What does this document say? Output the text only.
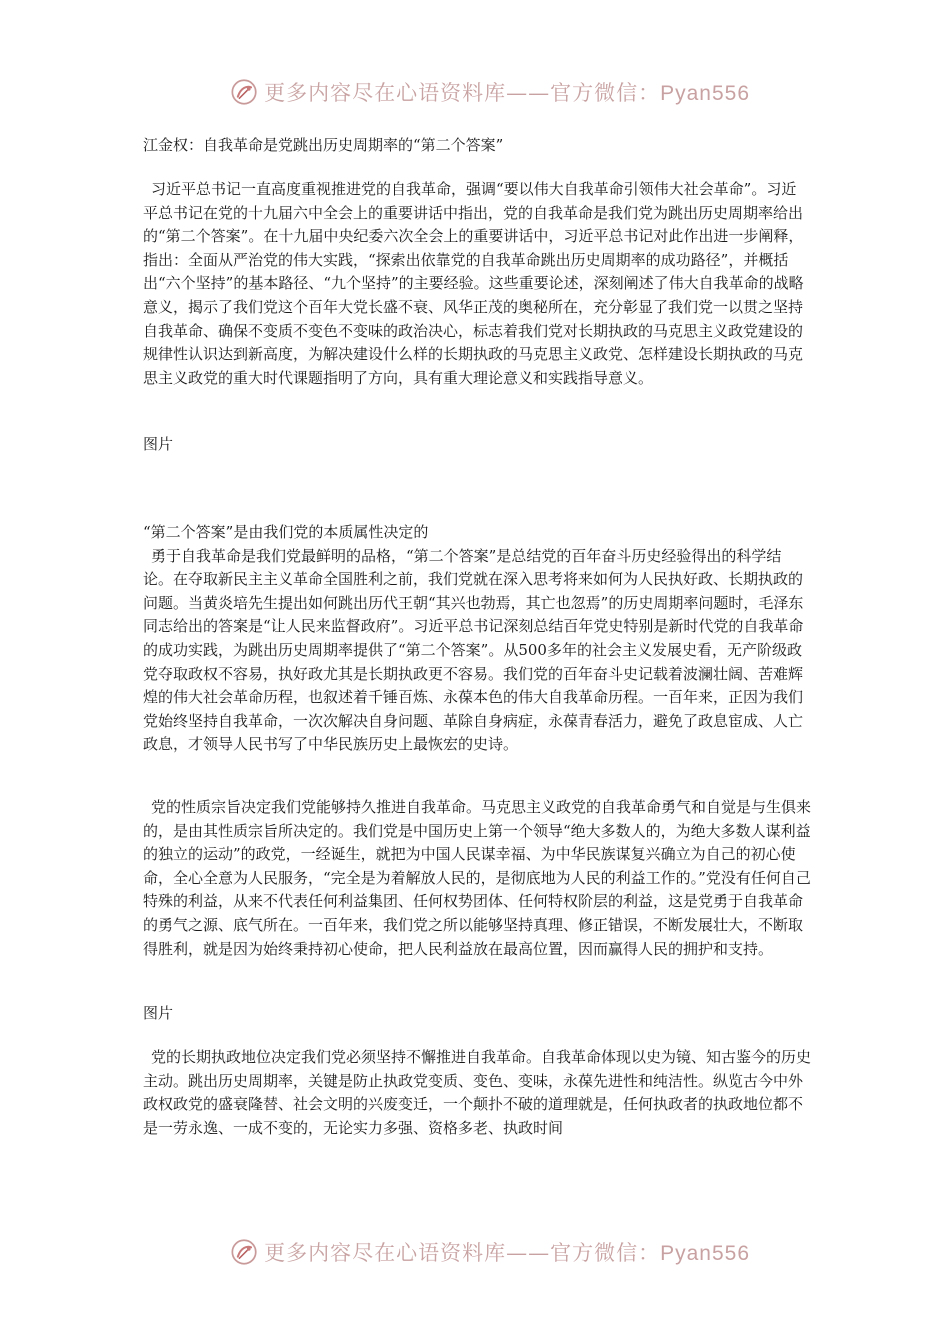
更多内容尽在心语资料库——官方微信：Pyan556
江金权：自我革命是党跳出历史周期率的“第二个答案”

习近平总书记一直高度重视推进党的自我革命，强调“要以伟大自我革命引领伟大社会革命”。习近平总书记在党的十九届六中全会上的重要讲话中指出，党的自我革命是我们党为跳出历史周期率给出的“第二个答案”。在十九届中央纪委六次全会上的重要讲话中，习近平总书记对此作出进一步阐释，指出：全面从严治党的伟大实践，“探索出依靠党的自我革命跳出历史周期率的成功路径”，并概括出“六个坚持”的基本路径、“九个坚持”的主要经验。这些重要论述，深刻阐述了伟大自我革命的战略意义，揭示了我们党这个百年大党长盛不衰、风华正茂的奥秘所在，充分彰显了我们党一以贯之坚持自我革命、确保不变质不变色不变味的政治决心，标志着我们党对长期执政的马克思主义政党建设的规律性认识达到新高度，为解决建设什么样的长期执政的马克思主义政党、怎样建设长期执政的马克思主义政党的重大时代课题指明了方向，具有重大理论意义和实践指导意义。

图片

“第二个答案”是由我们党的本质属性决定的

勇于自我革命是我们党最鲜明的品格，“第二个答案”是总结党的百年奋斗历史经验得出的科学结论。在夺取新民主主义革命全国胜利之前，我们党就在深入思考将来如何为人民执好政、长期执政的问题。当黄炎培先生提出如何跳出历代王朝“其兴也勃焉，其亡也忽焉”的历史周期率问题时，毛泽东同志给出的答案是“让人民来监督政府”。习近平总书记深刻总结百年党史特别是新时代党的自我革命的成功实践，为跳出历史周期率提供了“第二个答案”。从500多年的社会主义发展史看，无产阶级政党夺取政权不容易，执好政尤其是长期执政更不容易。我们党的百年奋斗史记载着波澜壮阔、苦难辉煌的伟大社会革命历程，也叙述着千锤百炼、永葆本色的伟大自我革命历程。一百年来，正因为我们党始终坚持自我革命，一次次解决自身问题、革除自身病症，永葆青春活力，避免了政息宦成、人亡政息，才领导人民书写了中华民族历史上最恢宏的史诗。

党的性质宗旨决定我们党能够持久推进自我革命。马克思主义政党的自我革命勇气和自觉是与生俱来的，是由其性质宗旨所决定的。我们党是中国历史上第一个领导“绝大多数人的，为绝大多数人谋利益的独立的运动”的政党，一经诞生，就把为中国人民谋幸福、为中华民族谋复兴确立为自己的初心使命，全心全意为人民服务，“完全是为着解放人民的，是彻底地为人民的利益工作的。”党没有任何自己特殊的利益，从来不代表任何利益集团、任何权势团体、任何特权阶层的利益，这是党勇于自我革命的勇气之源、底气所在。一百年来，我们党之所以能够坚持真理、修正错误，不断发展壮大，不断取得胜利，就是因为始终秉持初心使命，把人民利益放在最高位置，因而赢得人民的拥护和支持。

图片

党的长期执政地位决定我们党必须坚持不懈推进自我革命。自我革命体现以史为镜、知古鉴今的历史主动。跳出历史周期率，关键是防止执政党变质、变色、变味，永葆先进性和纯洁性。纵览古今中外政权政党的盛衰隆替、社会文明的兴废变迁，一个颠扑不破的道理就是，任何执政者的执政地位都不是一劳永逸、一成不变的，无论实力多强、资格多老、执政时间

更多内容尽在心语资料库——官方微信：Pyan556
